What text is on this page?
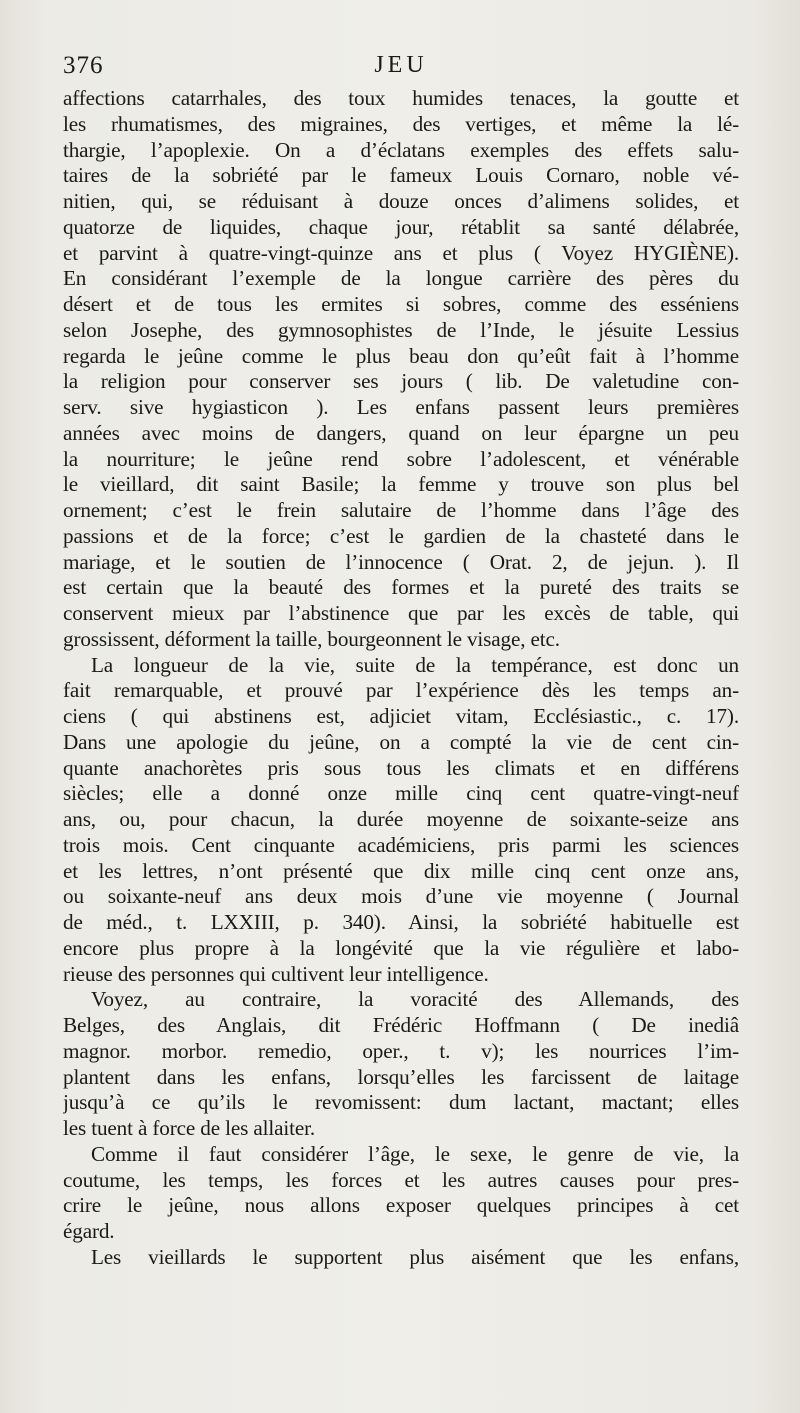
376	JEU
affections catarrhales, des toux humides tenaces, la goutte et
les rhumatismes, des migraines, des vertiges, et même la lé-
thargie, l’apoplexie. On a d’éclatans exemples des effets salu-
taires de la sobriété par le fameux Louis Cornaro, noble vé-
nitien, qui, se réduisant à douze onces d’alimens solides, et
quatorze de liquides, chaque jour, rétablit sa santé délabrée,
et parvint à quatre-vingt-quinze ans et plus ( Voyez HYGIÈNE).
En considérant l’exemple de la longue carrière des pères du
désert et de tous les ermites si sobres, comme des esséniens
selon Josephe, des gymnosophistes de l’Inde, le jésuite Lessius
regarda le jeûne comme le plus beau don qu’eût fait à l’homme
la religion pour conserver ses jours ( lib. De valetudine con-
serv. sive hygiasticon ). Les enfans passent leurs premières
années avec moins de dangers, quand on leur épargne un peu
la nourriture; le jeûne rend sobre l’adolescent, et vénérable
le vieillard, dit saint Basile; la femme y trouve son plus bel
ornement; c’est le frein salutaire de l’homme dans l’âge des
passions et de la force; c’est le gardien de la chasteté dans le
mariage, et le soutien de l’innocence ( Orat. 2, de jejun. ). Il
est certain que la beauté des formes et la pureté des traits se
conservent mieux par l’abstinence que par les excès de table, qui
grossissent, déforment la taille, bourgeonnent le visage, etc.
La longueur de la vie, suite de la tempérance, est donc un
fait remarquable, et prouvé par l’expérience dès les temps an-
ciens ( qui abstinens est, adjiciet vitam, Ecclésiastic., c. 17).
Dans une apologie du jeûne, on a compté la vie de cent cin-
quante anachorètes pris sous tous les climats et en différens
siècles; elle a donné onze mille cinq cent quatre-vingt-neuf
ans, ou, pour chacun, la durée moyenne de soixante-seize ans
trois mois. Cent cinquante académiciens, pris parmi les sciences
et les lettres, n’ont présenté que dix mille cinq cent onze ans,
ou soixante-neuf ans deux mois d’une vie moyenne ( Journal
de méd., t. LXXIII, p. 340). Ainsi, la sobriété habituelle est
encore plus propre à la longévité que la vie régulière et labo-
rieuse des personnes qui cultivent leur intelligence.
Voyez, au contraire, la voracité des Allemands, des
Belges, des Anglais, dit Frédéric Hoffmann ( De inediâ
magnor. morbor. remedio, oper., t. v); les nourrices l’im-
plantent dans les enfans, lorsqu’elles les farcissent de laitage
jusqu’à ce qu’ils le revomissent: dum lactant, mactant; elles
les tuent à force de les allaiter.
Comme il faut considérer l’âge, le sexe, le genre de vie, la
coutume, les temps, les forces et les autres causes pour pres-
crire le jeûne, nous allons exposer quelques principes à cet
égard.
Les vieillards le supportent plus aisément que les enfans,
